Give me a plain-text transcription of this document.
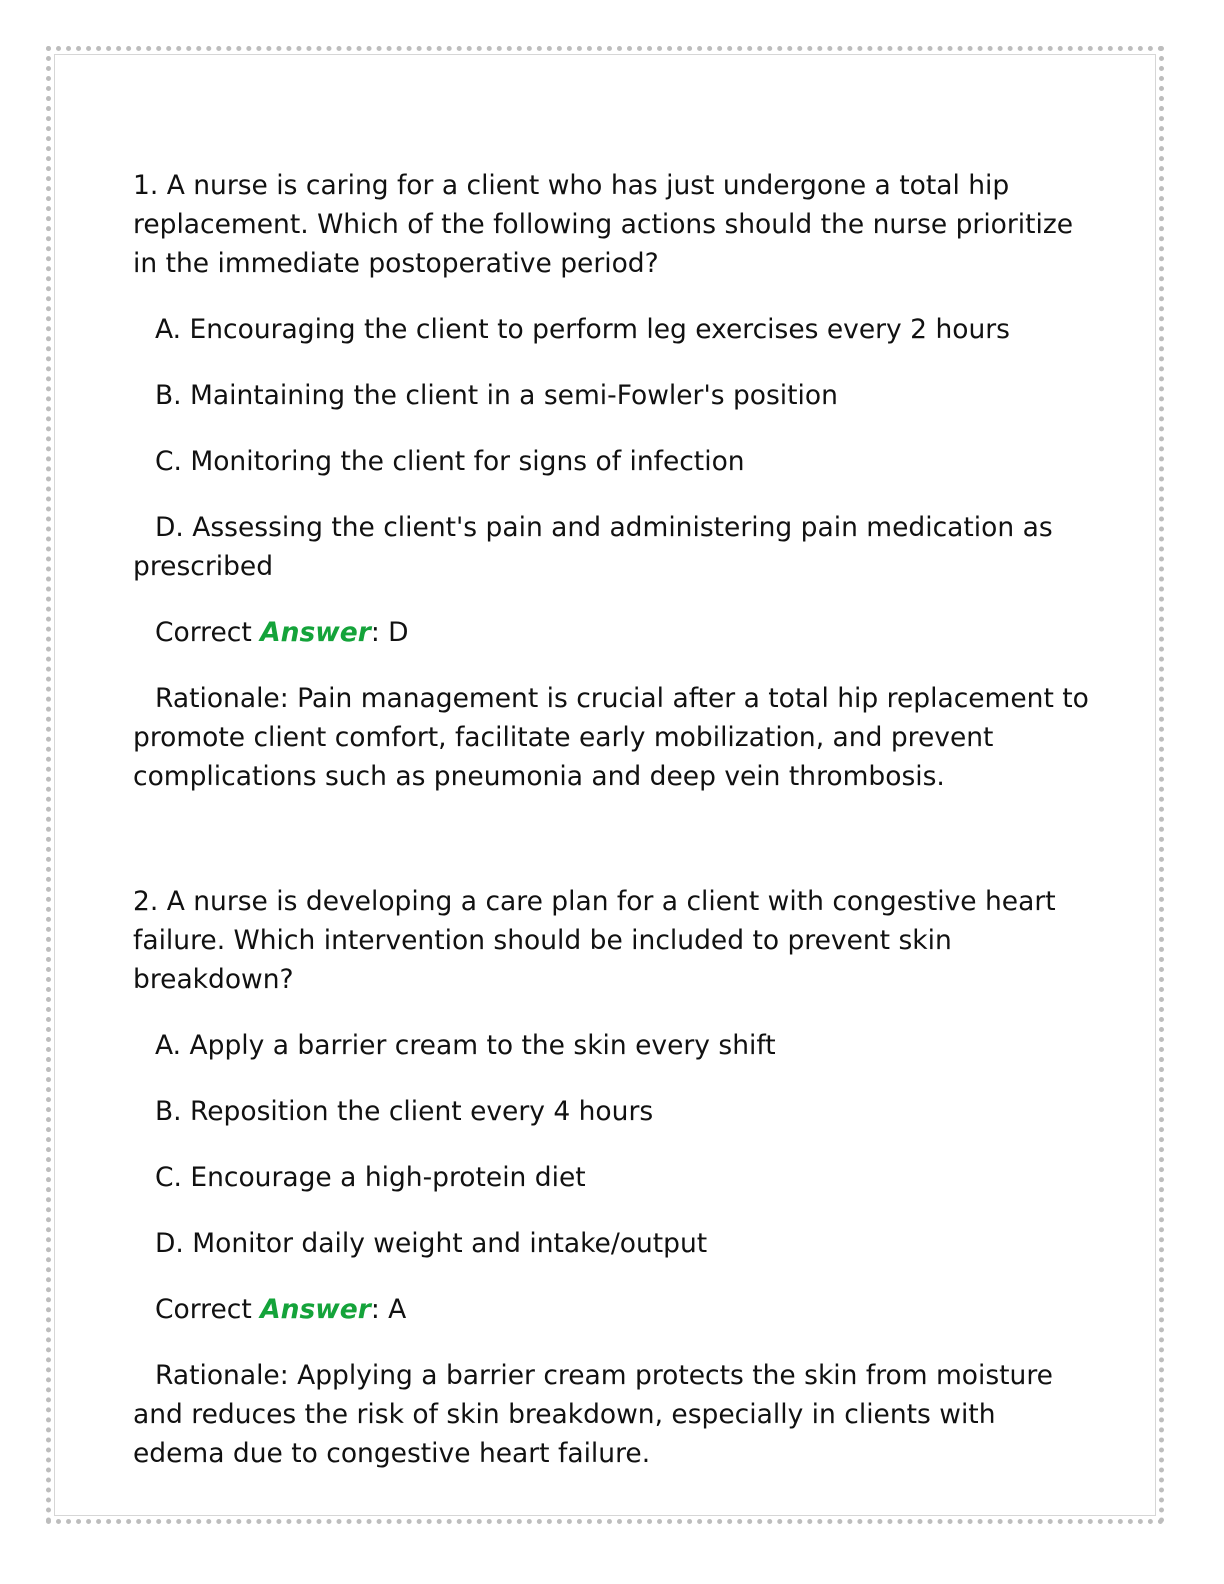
1. A nurse is caring for a client who has just undergone a total hip replacement. Which of the following actions should the nurse prioritize in the immediate postoperative period?

A. Encouraging the client to perform leg exercises every 2 hours

B. Maintaining the client in a semi-Fowler's position

C. Monitoring the client for signs of infection

D. Assessing the client's pain and administering pain medication as prescribed

Correct Answer: D

Rationale: Pain management is crucial after a total hip replacement to promote client comfort, facilitate early mobilization, and prevent complications such as pneumonia and deep vein thrombosis.

2. A nurse is developing a care plan for a client with congestive heart failure. Which intervention should be included to prevent skin breakdown?

A. Apply a barrier cream to the skin every shift

B. Reposition the client every 4 hours

C. Encourage a high-protein diet

D. Monitor daily weight and intake/output

Correct Answer: A

Rationale: Applying a barrier cream protects the skin from moisture and reduces the risk of skin breakdown, especially in clients with edema due to congestive heart failure.
